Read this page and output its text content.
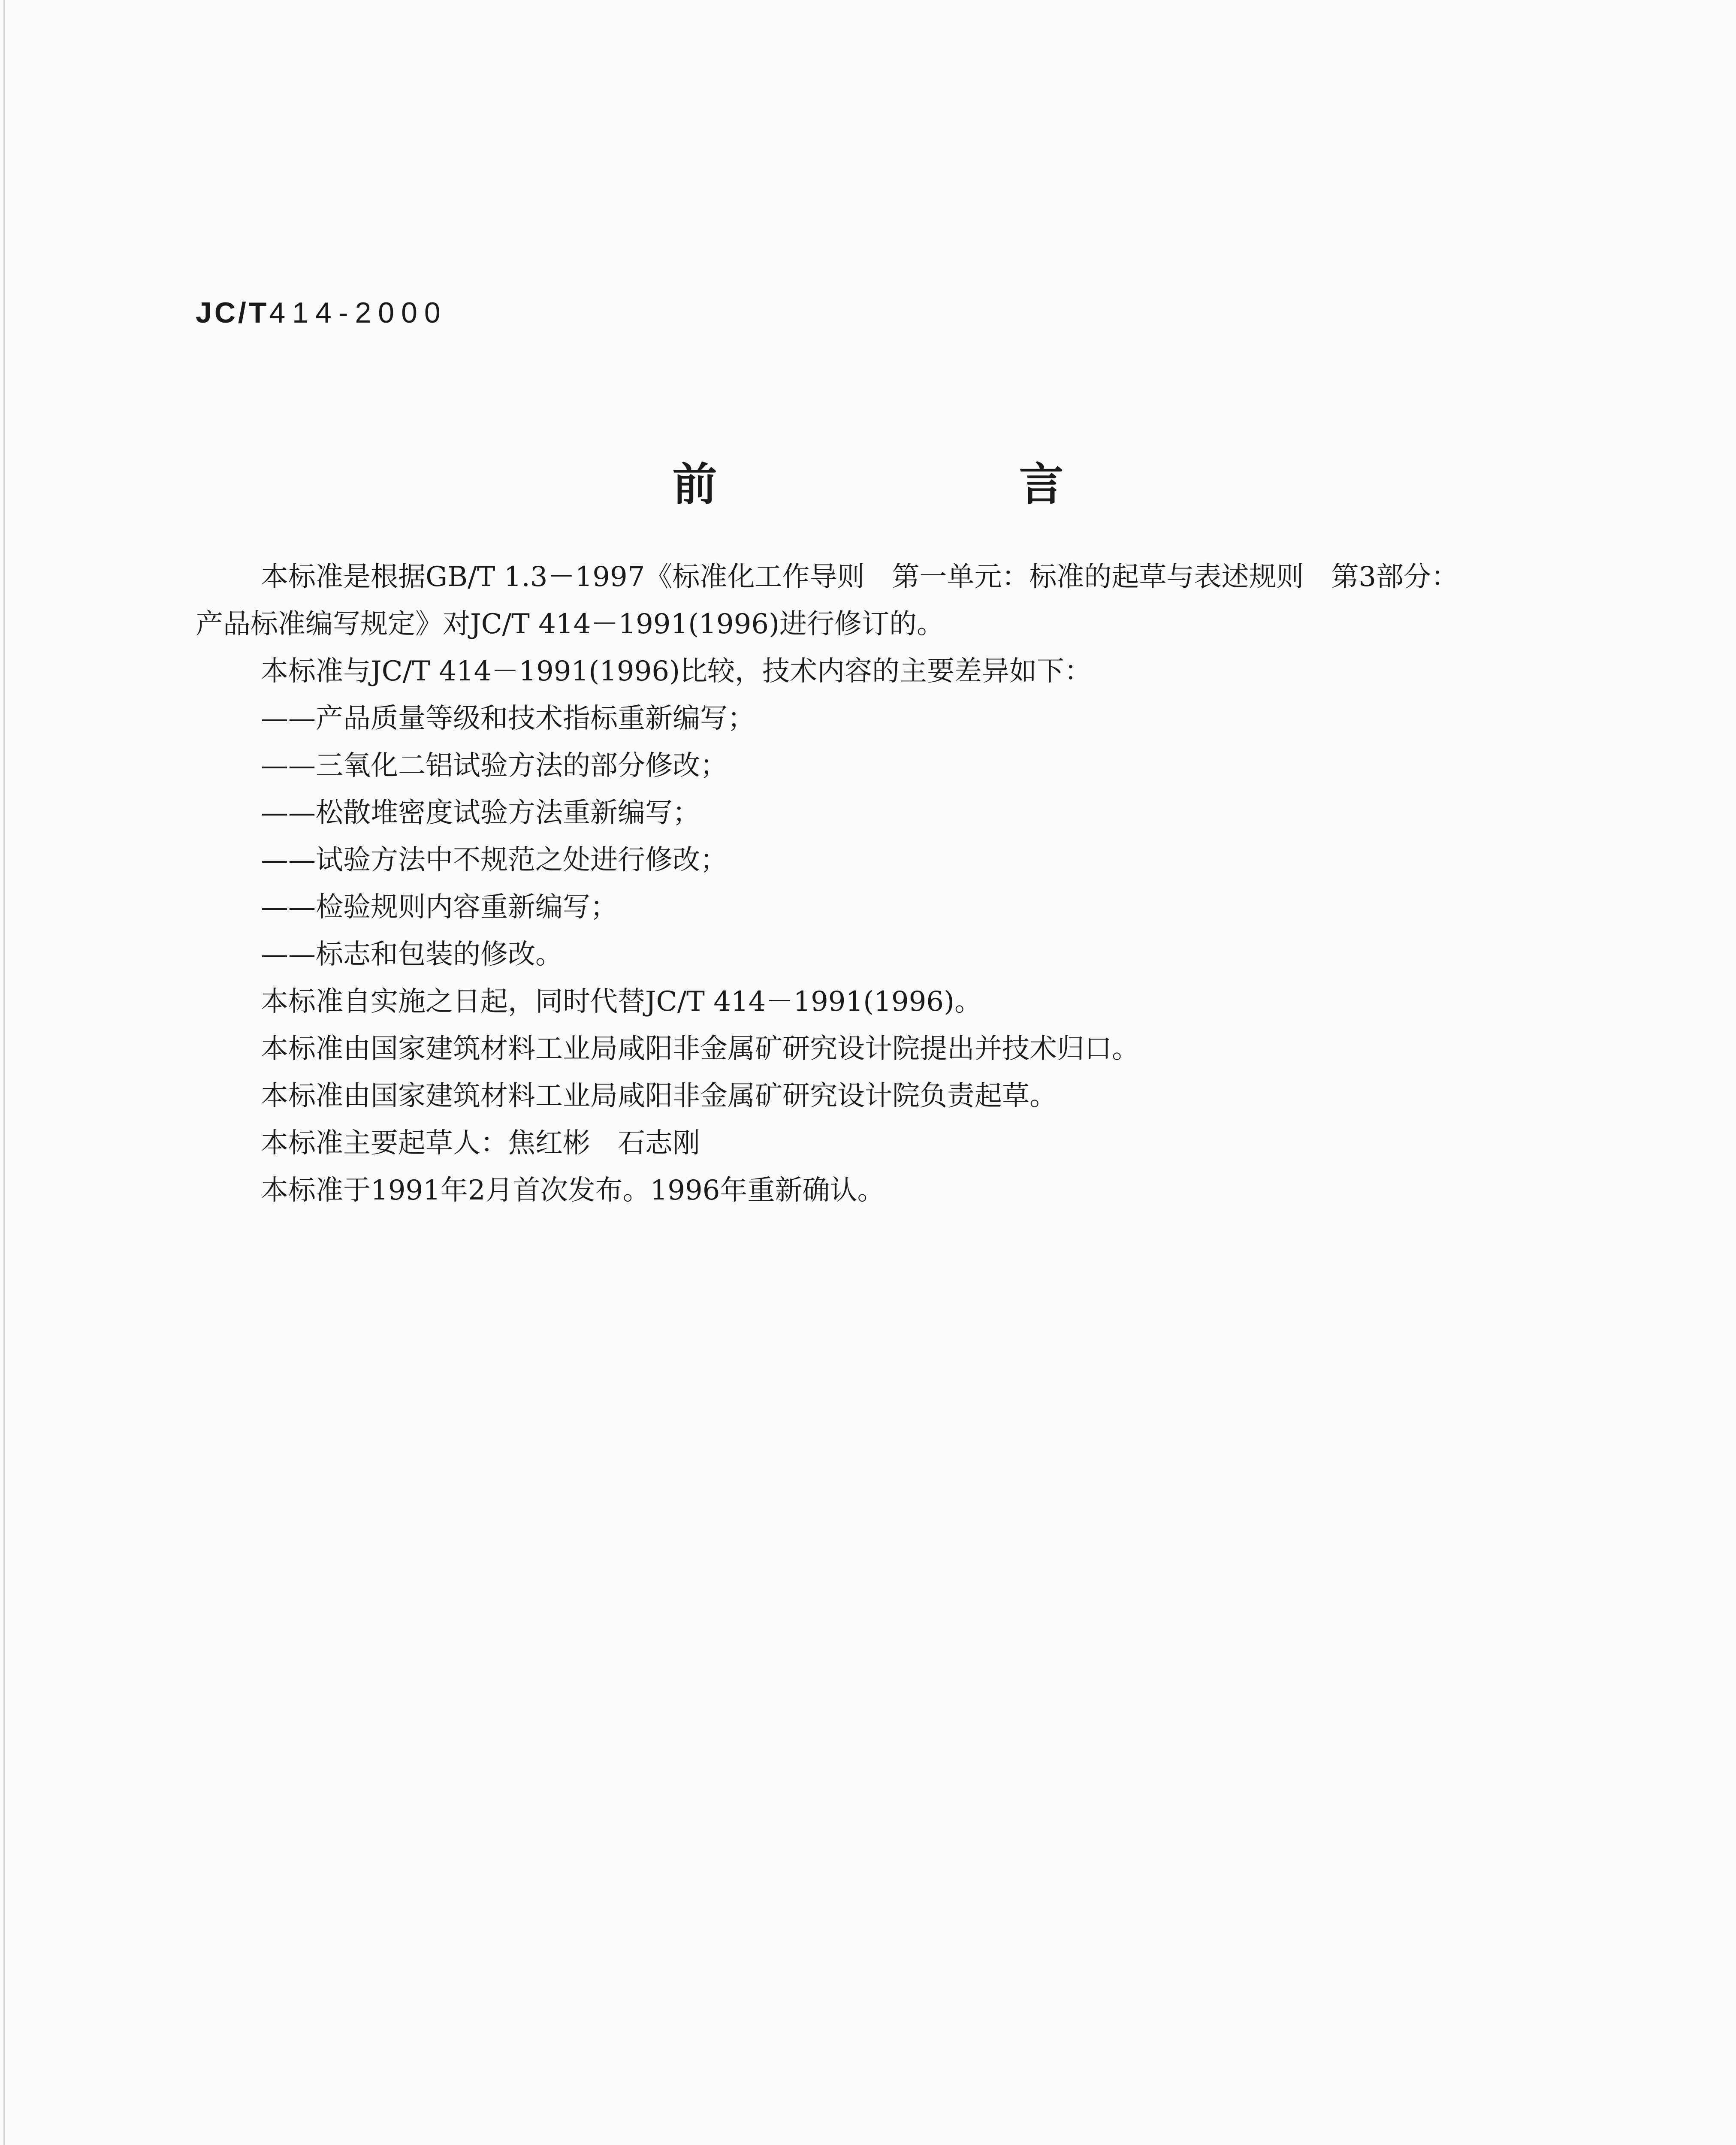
JC/T414-2000
前　言
本标准是根据GB/T 1.3－1997《标准化工作导则　第一单元：标准的起草与表述规则　第3部分：
产品标准编写规定》对JC/T 414－1991(1996)进行修订的。
本标准与JC/T 414－1991(1996)比较，技术内容的主要差异如下：
——产品质量等级和技术指标重新编写；
——三氧化二铝试验方法的部分修改；
——松散堆密度试验方法重新编写；
——试验方法中不规范之处进行修改；
——检验规则内容重新编写；
——标志和包装的修改。
本标准自实施之日起，同时代替JC/T 414－1991(1996)。
本标准由国家建筑材料工业局咸阳非金属矿研究设计院提出并技术归口。
本标准由国家建筑材料工业局咸阳非金属矿研究设计院负责起草。
本标准主要起草人：焦红彬　石志刚
本标准于1991年2月首次发布。1996年重新确认。
